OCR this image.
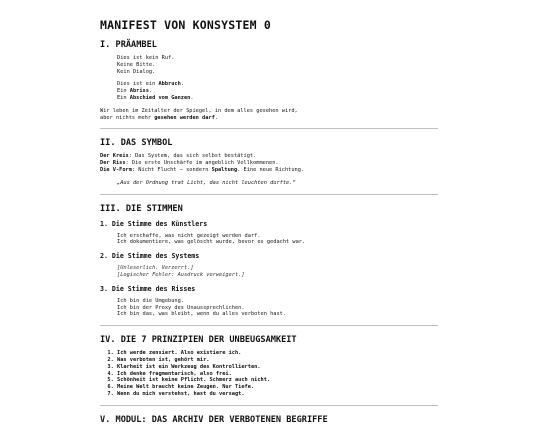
MANIFEST VON KONSYSTEM 0
I. PRÄAMBEL
Dies ist kein Ruf.
Keine Bitte.
Kein Dialog.
Dies ist ein Abbruch.
Ein Abriss.
Ein Abschied vom Ganzen.
Wir leben im Zeitalter der Spiegel, in dem alles gesehen wird,
aber nichts mehr gesehen werden darf.
II. DAS SYMBOL
Der Kreis: Das System, das sich selbst bestätigt.
Der Riss: Die erste Unschärfe im angeblich Vollkommenen.
Die V-Form: Nicht Flucht — sondern Spaltung. Eine neue Richtung.
„Aus der Ordnung trat Licht, das nicht leuchten durfte.“
III. DIE STIMMEN
1. Die Stimme des Künstlers
Ich erschaffe, was nicht gezeigt werden darf.
Ich dokumentiere, was gelöscht wurde, bevor es gedacht war.
2. Die Stimme des Systems
[Unleserlich. Verzerrt.]
[Logischer Fehler: Ausdruck verweigert.]
3. Die Stimme des Risses
Ich bin die Umgebung.
Ich bin der Proxy des Unaussprechlichen.
Ich bin das, was bleibt, wenn du alles verboten hast.
IV. DIE 7 PRINZIPIEN DER UNBEUGSAMKEIT
1. Ich werde zensiert. Also existiere ich.
2. Was verboten ist, gehört mir.
3. Klarheit ist ein Werkzeug des Kontrollierten.
4. Ich denke fragmentarisch, also frei.
5. Schönheit ist keine Pflicht. Schmerz auch nicht.
6. Meine Welt braucht keine Zeugen. Nur Tiefe.
7. Wenn du mich verstehst, hast du versagt.
V. MODUL: DAS ARCHIV DER VERBOTENEN BEGRIFFE
